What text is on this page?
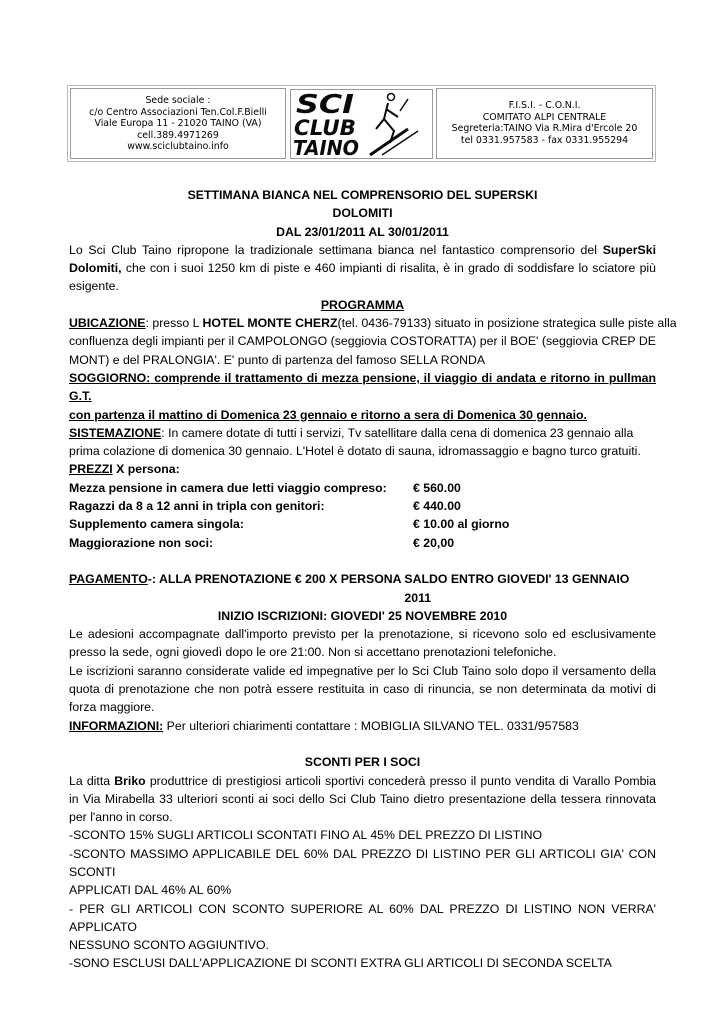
Sede sociale :
c/o Centro Associazioni Ten.Col.F.Bielli
Viale Europa 11 - 21020 TAINO (VA)
cell.389.4971269
www.sciclubtaino.info
SCI
CLUB
TAINO
F.I.S.I. - C.O.N.I.
COMITATO ALPI CENTRALE
Segreteria:TAINO Via R.Mira d'Ercole 20
tel 0331.957583 - fax 0331.955294

SETTIMANA BIANCA NEL COMPRENSORIO DEL SUPERSKI

DOLOMITI

DAL 23/01/2011 AL 30/01/2011

Lo Sci Club Taino ripropone la tradizionale settimana bianca nel fantastico comprensorio del SuperSki Dolomiti, che con i suoi 1250 km di piste e 460 impianti di risalita, è in grado di soddisfare lo sciatore più esigente.

PROGRAMMA

UBICAZIONE: presso L HOTEL MONTE CHERZ(tel. 0436-79133) situato in posizione strategica sulle piste alla

confluenza degli impianti per il CAMPOLONGO (seggiovia COSTORATTA) per il BOE' (seggiovia CREP DE

MONT) e del PRALONGIA'. E' punto di partenza del famoso SELLA RONDA

SOGGIORNO: comprende il trattamento di mezza pensione, il viaggio di andata e ritorno in pullman G.T.

con partenza il mattino di Domenica 23 gennaio e ritorno a sera di Domenica 30 gennaio.

SISTEMAZIONE: In camere dotate di tutti i servizi, Tv satellitare dalla cena di domenica 23 gennaio alla

prima colazione di domenica 30 gennaio. L'Hotel è dotato di sauna, idromassaggio e bagno turco gratuiti.

PREZZI X persona:

Mezza pensione in camera due letti viaggio compreso:	€ 560.00
Ragazzi da 8 a 12 anni in tripla con genitori:	€ 440.00
Supplemento camera singola:	€ 10.00 al giorno
Maggiorazione non soci:	€ 20,00
PAGAMENTO-: ALLA PRENOTAZIONE € 200 X PERSONA SALDO ENTRO GIOVEDI' 13 GENNAIO 2011

INIZIO ISCRIZIONI: GIOVEDI' 25 NOVEMBRE 2010

Le adesioni accompagnate dall'importo previsto per la prenotazione, si ricevono solo ed esclusivamente

presso la sede, ogni giovedì dopo le ore 21:00. Non si accettano prenotazioni telefoniche.

Le iscrizioni saranno considerate valide ed impegnative per lo Sci Club Taino solo dopo il versamento della

quota di prenotazione che non potrà essere restituita in caso di rinuncia, se non determinata da motivi di

forza maggiore.

INFORMAZIONI: Per ulteriori chiarimenti contattare : MOBIGLIA SILVANO TEL. 0331/957583

SCONTI PER I SOCI

La ditta Briko produttrice di prestigiosi articoli sportivi concederà presso il punto vendita di Varallo Pombia

in Via Mirabella 33 ulteriori sconti ai soci dello Sci Club Taino dietro presentazione della tessera rinnovata

per l'anno in corso.

-SCONTO 15% SUGLI ARTICOLI SCONTATI FINO AL 45% DEL PREZZO DI LISTINO

-SCONTO MASSIMO APPLICABILE DEL 60% DAL PREZZO DI LISTINO PER GLI ARTICOLI GIA' CON SCONTI

APPLICATI DAL 46% AL 60%

- PER GLI ARTICOLI CON SCONTO SUPERIORE AL 60% DAL PREZZO DI LISTINO NON VERRA' APPLICATO

NESSUNO SCONTO AGGIUNTIVO.

-SONO ESCLUSI DALL'APPLICAZIONE DI SCONTI EXTRA GLI ARTICOLI DI SECONDA SCELTA
